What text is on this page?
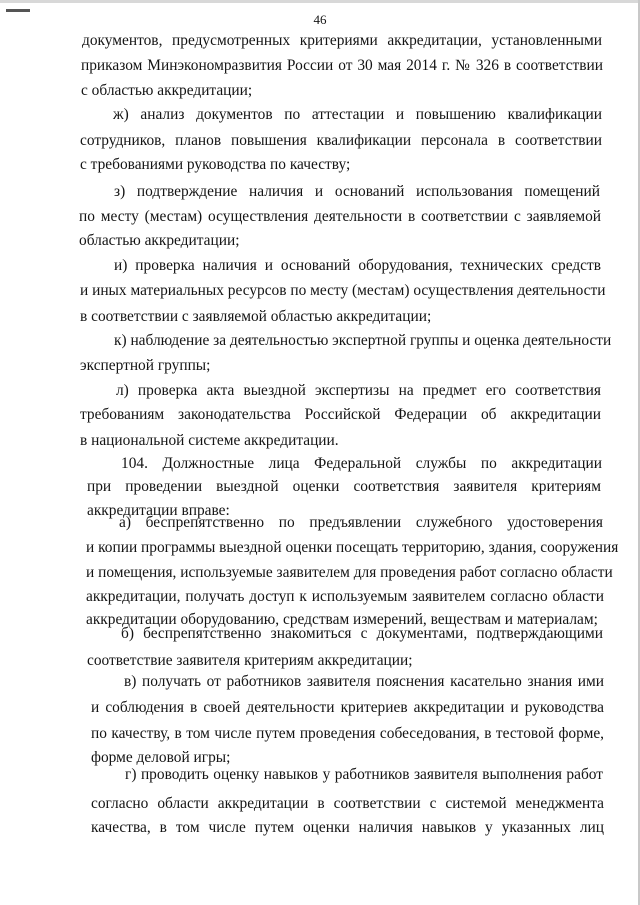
46
документов, предусмотренных критериями аккредитации, установленными
приказом Минэкономразвития России от 30 мая 2014 г. № 326 в соответствии
с областью аккредитации;
ж) анализ документов по аттестации и повышению квалификации
сотрудников, планов повышения квалификации персонала в соответствии
с требованиями руководства по качеству;
з) подтверждение наличия и оснований использования помещений
по месту (местам) осуществления деятельности в соответствии с заявляемой
областью аккредитации;
и) проверка наличия и оснований оборудования, технических средств
и иных материальных ресурсов по месту (местам) осуществления деятельности
в соответствии с заявляемой областью аккредитации;
к) наблюдение за деятельностью экспертной группы и оценка деятельности
экспертной группы;
л) проверка акта выездной экспертизы на предмет его соответствия
требованиям законодательства Российской Федерации об аккредитации
в национальной системе аккредитации.
104. Должностные лица Федеральной службы по аккредитации
при проведении выездной оценки соответствия заявителя критериям
аккредитации вправе:
а) беспрепятственно по предъявлении служебного удостоверения
и копии программы выездной оценки посещать территорию, здания, сооружения
и помещения, используемые заявителем для проведения работ согласно области
аккредитации, получать доступ к используемым заявителем согласно области
аккредитации оборудованию, средствам измерений, веществам и материалам;
б) беспрепятственно знакомиться с документами, подтверждающими
соответствие заявителя критериям аккредитации;
в) получать от работников заявителя пояснения касательно знания ими
и соблюдения в своей деятельности критериев аккредитации и руководства
по качеству, в том числе путем проведения собеседования, в тестовой форме,
форме деловой игры;
г) проводить оценку навыков у работников заявителя выполнения работ
согласно области аккредитации в соответствии с системой менеджмента
качества, в том числе путем оценки наличия навыков у указанных лиц
